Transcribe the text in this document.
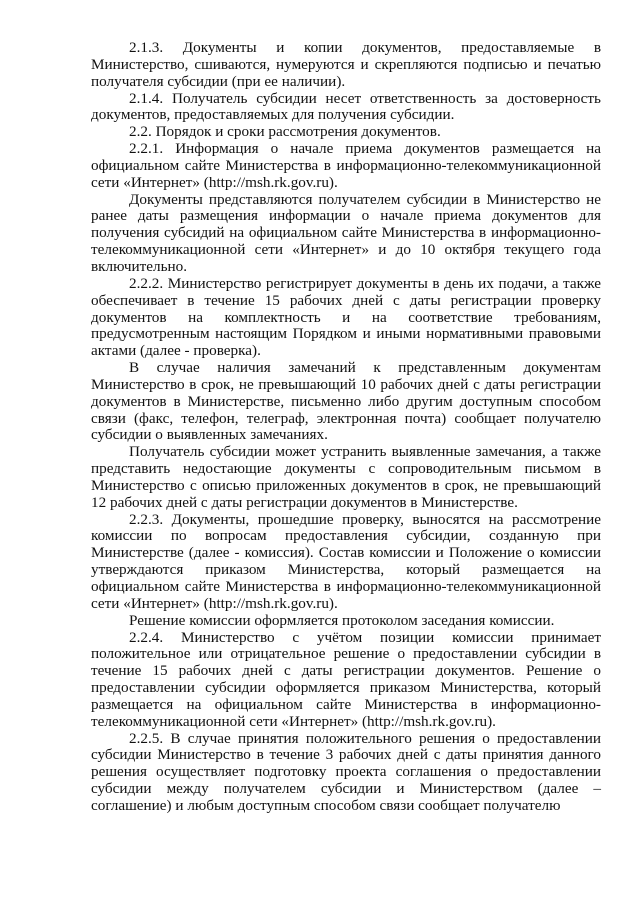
2.1.3. Документы и копии документов, предоставляемые в Министерство, сшиваются, нумеруются и скрепляются подписью и печатью получателя субсидии (при ее наличии).

2.1.4. Получатель субсидии несет ответственность за достоверность документов, предоставляемых для получения субсидии.

2.2. Порядок и сроки рассмотрения документов.

2.2.1. Информация о начале приема документов размещается на официальном сайте Министерства в информационно-телекоммуникационной сети «Интернет» (http://msh.rk.gov.ru).

Документы представляются получателем субсидии в Министерство не ранее даты размещения информации о начале приема документов для получения субсидий на официальном сайте Министерства в информационно-телекоммуникационной сети «Интернет» и до 10 октября текущего года включительно.

2.2.2. Министерство регистрирует документы в день их подачи, а также обеспечивает в течение 15 рабочих дней с даты регистрации проверку документов на комплектность и на соответствие требованиям, предусмотренным настоящим Порядком и иными нормативными правовыми актами (далее - проверка).

В случае наличия замечаний к представленным документам Министерство в срок, не превышающий 10 рабочих дней с даты регистрации документов в Министерстве, письменно либо другим доступным способом связи (факс, телефон, телеграф, электронная почта) сообщает получателю субсидии о выявленных замечаниях.

Получатель субсидии может устранить выявленные замечания, а также представить недостающие документы с сопроводительным письмом в Министерство с описью приложенных документов в срок, не превышающий 12 рабочих дней с даты регистрации документов в Министерстве.

2.2.3. Документы, прошедшие проверку, выносятся на рассмотрение комиссии по вопросам предоставления субсидии, созданную при Министерстве (далее - комиссия). Состав комиссии и Положение о комиссии утверждаются приказом Министерства, который размещается на официальном сайте Министерства в информационно-телекоммуникационной сети «Интернет» (http://msh.rk.gov.ru).

Решение комиссии оформляется протоколом заседания комиссии.

2.2.4. Министерство с учётом позиции комиссии принимает положительное или отрицательное решение о предоставлении субсидии в течение 15 рабочих дней с даты регистрации документов. Решение о предоставлении субсидии оформляется приказом Министерства, который размещается на официальном сайте Министерства в информационно-телекоммуникационной сети «Интернет» (http://msh.rk.gov.ru).

2.2.5. В случае принятия положительного решения о предоставлении субсидии Министерство в течение 3 рабочих дней с даты принятия данного решения осуществляет подготовку проекта соглашения о предоставлении субсидии между получателем субсидии и Министерством (далее – соглашение) и любым доступным способом связи сообщает получателю
